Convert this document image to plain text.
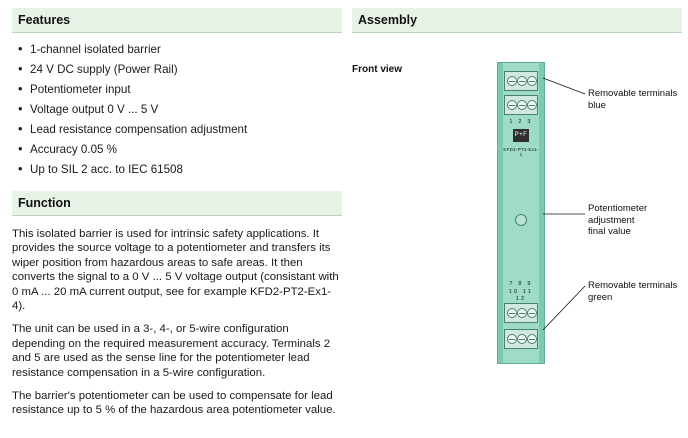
Features
• 1-channel isolated barrier
• 24 V DC supply (Power Rail)
• Potentiometer input
• Voltage output 0 V ... 5 V
• Lead resistance compensation adjustment
• Accuracy 0.05 %
• Up to SIL 2 acc. to IEC 61508
Function

This isolated barrier is used for intrinsic safety applications. It provides the source voltage to a potentiometer and transfers its wiper position from hazardous areas to safe areas. It then converts the signal to a 0 V ... 5 V voltage output (consistant with 0 mA ... 20 mA current output, see for example KFD2-PT2-Ex1-4).

The unit can be used in a 3-, 4-, or 5-wire configuration depending on the required measurement accuracy. Terminals 2 and 5 are used as the sense line for the potentiometer lead resistance compensation in a 5-wire configuration.

The barrier's potentiometer can be used to compensate for lead resistance up to 5 % of the hazardous area potentiometer value.

Assembly
Front view
1 2 3
P+F
KFD2-PT2-Ex1-1
7 8 9
10 11 12
Removable terminals
blue
Potentiometer
adjustment
final value
Removable terminals
green
